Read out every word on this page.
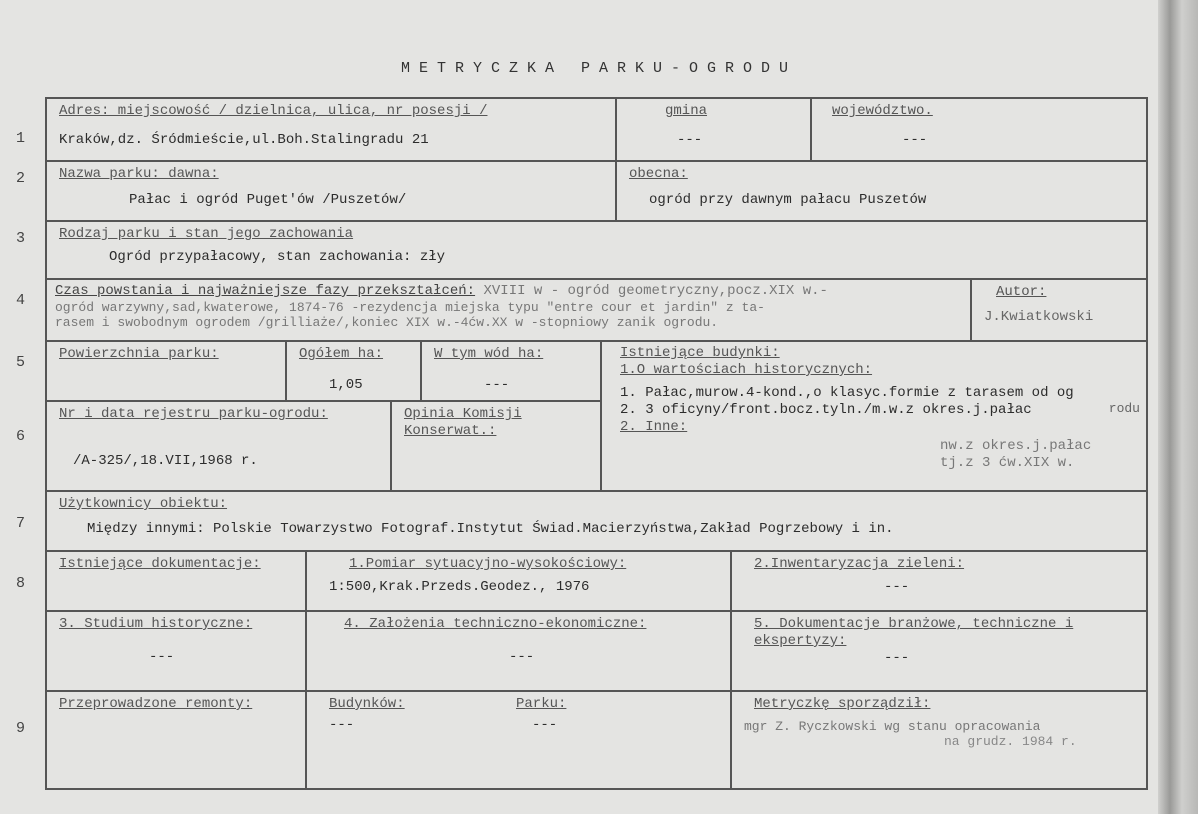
METRYCZKA PARKU-OGRODU
1
2
3
4
5
6
7
8
9
Adres: miejscowość / dzielnica, ulica, nr posesji /
Kraków,dz. Śródmieście,ul.Boh.Stalingradu 21
gmina
---
województwo.
---
Nazwa parku: dawna:
Pałac i ogród Puget'ów /Puszetów/
obecna:
ogród przy dawnym pałacu Puszetów
Rodzaj parku i stan jego zachowania
Ogród przypałacowy, stan zachowania: zły
Czas powstania i najważniejsze fazy przekształceń: XVIII w - ogród geometryczny,pocz.XIX w.-
ogród warzywny,sad,kwaterowe, 1874-76 -rezydencja miejska typu "entre cour et jardin" z ta-
rasem i swobodnym ogrodem /grilliaże/,koniec XIX w.-4ćw.XX w -stopniowy zanik ogrodu.
Autor:
J.Kwiatkowski
Powierzchnia parku:	Ogółem ha:
1,05
W tym wód ha:
---
Istniejące budynki:
1.O wartościach historycznych:
1. Pałac,murow.4-kond.,o klasyc.formie z tarasem od og
rodu
2. 3 oficyny/front.bocz.tyln./m.w.z okres.j.pałac
2. Inne:
nw.z okres.j.pałac
tj.z 3 ćw.XIX w.
Nr i data rejestru parku-ogrodu:
/A-325/,18.VII,1968 r.
Opinia Komisji Konserwat.:
Użytkownicy obiektu:
Między innymi: Polskie Towarzystwo Fotograf.Instytut Świad.Macierzyństwa,Zakład Pogrzebowy i in.
Istniejące dokumentacje:	1.Pomiar sytuacyjno-wysokościowy:
1:500,Krak.Przeds.Geodez., 1976
2.Inwentaryzacja zieleni:
---
3. Studium historyczne:
---
4. Założenia techniczno-ekonomiczne:
---
5. Dokumentacje branżowe, techniczne i ekspertyzy:
---
Przeprowadzone remonty:	Budynków:
---
Parku:
---
Metryczkę sporządził:
mgr Z. Ryczkowski wg stanu opracowania
na grudz. 1984 r.
